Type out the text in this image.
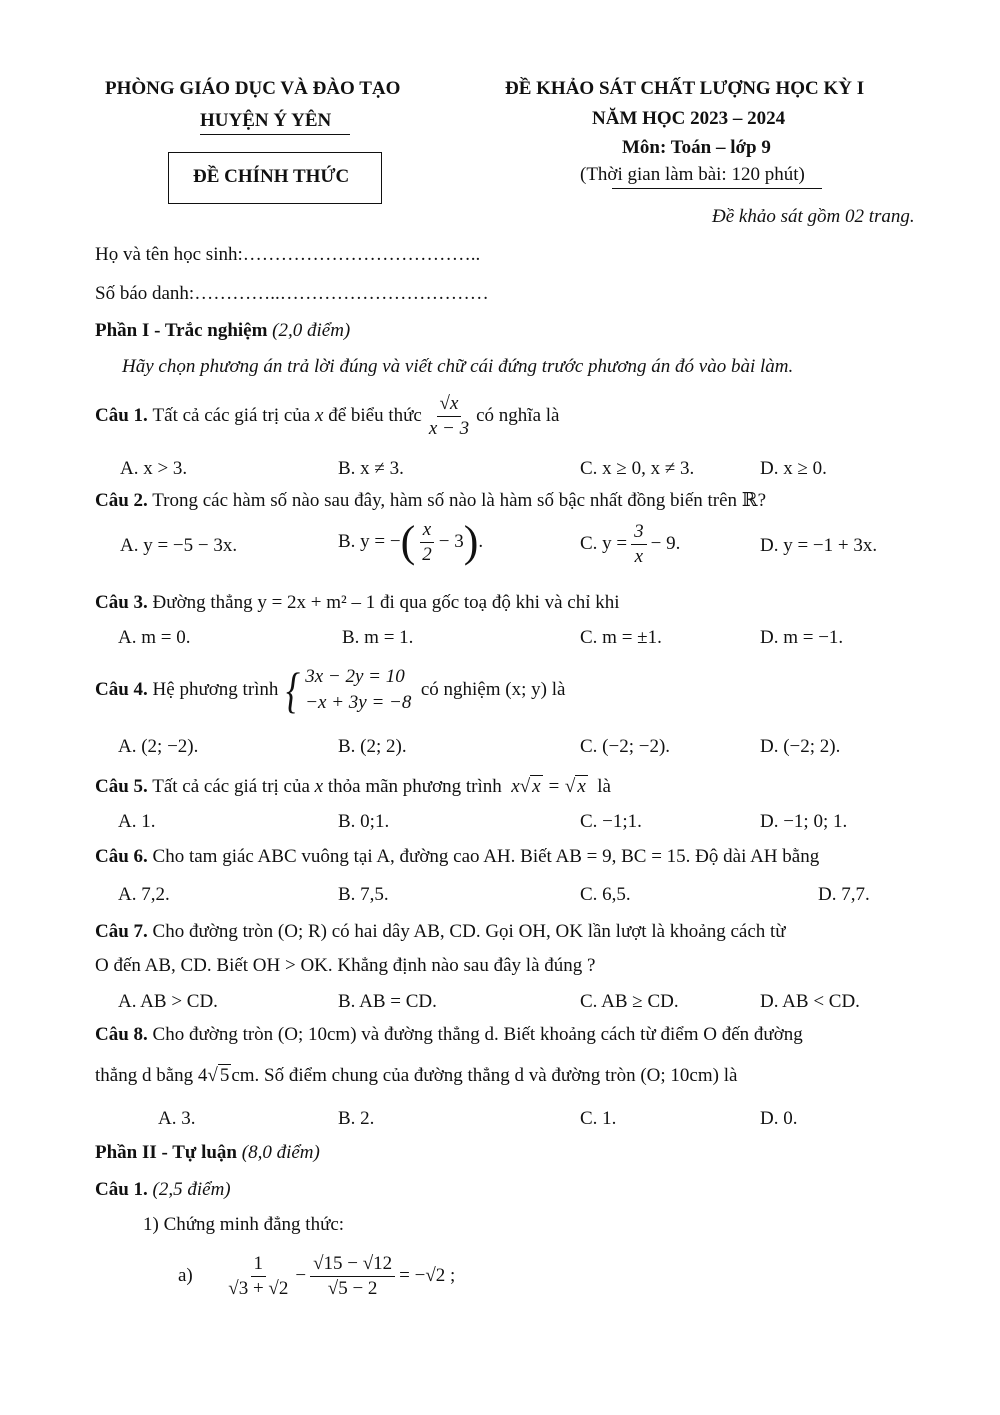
PHÒNG GIÁO DỤC VÀ ĐÀO TẠO
HUYỆN Ý YÊN
ĐỀ CHÍNH THỨC
ĐỀ KHẢO SÁT CHẤT LƯỢNG HỌC KỲ I
NĂM HỌC 2023 – 2024
Môn: Toán – lớp 9
(Thời gian làm bài: 120 phút)
Đề khảo sát gồm 02 trang.
Họ và tên học sinh:………………………………..
Số báo danh:…………..……………………………
Phần I - Trắc nghiệm (2,0 điểm)
Hãy chọn phương án trả lời đúng và viết chữ cái đứng trước phương án đó vào bài làm.
Câu 1.
Tất cả các giá trị của
x
để biểu thức $\frac{√x}{x - 3}$ có nghĩa là
A. x > 3.	B. x ≠ 3.	C. x ≥ 0, x ≠ 3.	D. x ≥ 0.
Câu 2. Trong các hàm số nào sau đây, hàm số nào là hàm số bậc nhất đồng biến trên ℝ?
A. y = −5 − 3x.	B. y = − ( $\frac{x}{2} - 3$ ) .	C. $y = \frac{3}{x} - 9$.	D. y = −1 + 3x.
Câu 3. Đường thẳng y = 2x + m² – 1 đi qua gốc toạ độ khi và chỉ khi
A. m = 0.	B. m = 1.	C. m = ±1.	D. m = −1.
Câu 4.
Hệ phương trình
{ 3x − 2y = 10
−x + 3y = −8

có nghiệm (x; y) là
A. (2; −2).	B. (2; 2).	C. (−2; −2).	D. (−2; 2).
Câu 5. Tất cả các giá trị của x thỏa mãn phương trình x√ x = √ x là
A. 1.	B. 0;1.	C. −1;1.	D. −1; 0; 1.
Câu 6. Cho tam giác ABC vuông tại A, đường cao AH. Biết AB = 9, BC = 15. Độ dài AH bằng
A. 7,2.	B. 7,5.	C. 6,5.	D. 7,7.
Câu 7. Cho đường tròn (O; R) có hai dây AB, CD. Gọi OH, OK lần lượt là khoảng cách từ
O đến AB, CD. Biết OH > OK. Khẳng định nào sau đây là đúng ?
A. AB > CD.	B. AB = CD.	C. AB ≥ CD.	D. AB < CD.
Câu 8. Cho đường tròn (O; 10cm) và đường thẳng d. Biết khoảng cách từ điểm O đến đường
thẳng d bằng 4√ 5 cm. Số điểm chung của đường thẳng d và đường tròn (O; 10cm) là
A. 3.	B. 2.	C. 1.	D. 0.
Phần II - Tự luận (8,0 điểm)
Câu 1. (2,5 điểm)
1) Chứng minh đẳng thức:
a)
$\frac{1}{√3 + √2} - \frac{√15 - √12}{√5 - 2} = -√2$ ;
